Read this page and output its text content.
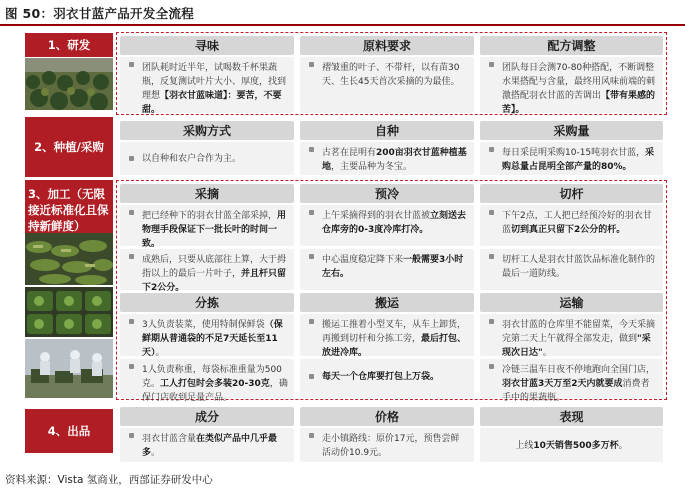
图 50：羽衣甘蓝产品开发全流程
1、研发
2、种植/采购
3、加工（无限接近标准化且保持新鲜度）
4、出品
寻味
团队耗时近半年，试喝数千杯果蔬瓶，反复测试叶片大小、厚度，找到理想【羽衣甘蓝味道】：要苦，不要甜。
原料要求
褶皱重的叶子、不带杆，以有苗30天、生长45天首次采摘的为最佳。
配方调整
团队每日会测70-80种搭配，不断调整水果搭配与含量，最终用风味前端的刺激搭配羽衣甘蓝的苦调出【带有果感的苦】。
采购方式
以自种和农户合作为主。
自种
古茗在昆明有200亩羽衣甘蓝种植基地，主要品种为冬宝。
采购量
每日采昆明采购10-15吨羽衣甘蓝，采购总量占昆明全部产量的80%。
采摘
把已经种下的羽衣甘蓝全部采掉，用物理手段保证下一批长叶的时间一致。
成熟后，只要从底部往上算，大于拇指以上的最后一片叶子，并且杆只留下2公分。
预冷
上午采摘得到的羽衣甘蓝被立刻送去仓库旁的0-3度冷库打冷。
中心温度稳定降下来一般需要3小时左右。
切杆
下午2点，工人把已经预冷好的羽衣甘蓝切到真正只留下2公分的杆。
切杆工人是羽衣甘蓝饮品标准化制作的最后一道防线。
分拣
3人负责装菜，使用特制保鲜袋（保鲜期从普通袋的不足7天延长至11天）。
1人负责称重，每袋标准重量为500克。工人打包时会多装20-30克，确保门店收到足量产品。
搬运
搬运工推着小型叉车，从车上卸货，再搬到切杆和分拣工旁，最后打包、放进冷库。
每天一个仓库要打包上万袋。
运输
羽衣甘蓝的仓库里不能留菜，今天采摘完第二天上午就得全部发走，做到"采现次日达"。
冷链三温车日夜不停地跑向全国门店，羽衣甘蓝3天万至2天内就要成消费者手中的果蔬瓶。
成分
羽衣甘蓝含量在类似产品中几乎最多。
价格
走小镇路线：原价17元，预售尝鲜活动价10.9元。
表现
上线 10天销售500多万杯 。
资料来源：Vista 氢商业，西部证券研发中心
